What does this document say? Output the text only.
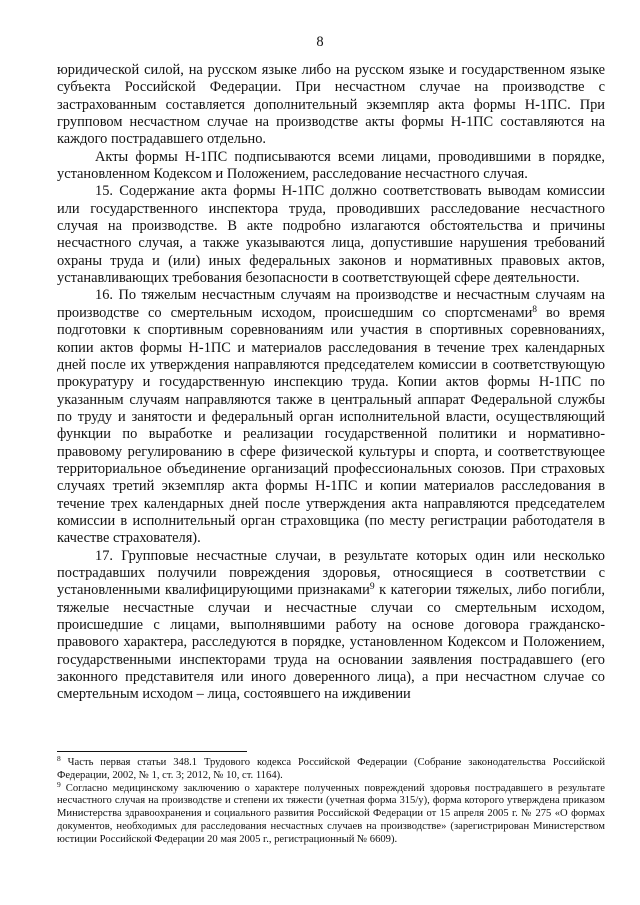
8

юридической силой, на русском языке либо на русском языке и государственном языке субъекта Российской Федерации. При несчастном случае на производстве с застрахованным составляется дополнительный экземпляр акта формы Н-1ПС. При групповом несчастном случае на производстве акты формы Н-1ПС составляются на каждого пострадавшего отдельно.

Акты формы Н-1ПС подписываются всеми лицами, проводившими в порядке, установленном Кодексом и Положением, расследование несчастного случая.

15. Содержание акта формы Н-1ПС должно соответствовать выводам комиссии или государственного инспектора труда, проводивших расследование несчастного случая на производстве. В акте подробно излагаются обстоятельства и причины несчастного случая, а также указываются лица, допустившие нарушения требований охраны труда и (или) иных федеральных законов и нормативных правовых актов, устанавливающих требования безопасности в соответствующей сфере деятельности.

16. По тяжелым несчастным случаям на производстве и несчастным случаям на производстве со смертельным исходом, происшедшим со спортсменами$^8$ во время подготовки к спортивным соревнованиям или участия в спортивных соревнованиях, копии актов формы Н-1ПС и материалов расследования в течение трех календарных дней после их утверждения направляются председателем комиссии в соответствующую прокуратуру и государственную инспекцию труда. Копии актов формы Н-1ПС по указанным случаям направляются также в центральный аппарат Федеральной службы по труду и занятости и федеральный орган исполнительной власти, осуществляющий функции по выработке и реализации государственной политики и нормативно-правовому регулированию в сфере физической культуры и спорта, и соответствующее территориальное объединение организаций профессиональных союзов. При страховых случаях третий экземпляр акта формы Н-1ПС и копии материалов расследования в течение трех календарных дней после утверждения акта направляются председателем комиссии в исполнительный орган страховщика (по месту регистрации работодателя в качестве страхователя).

17. Групповые несчастные случаи, в результате которых один или несколько пострадавших получили повреждения здоровья, относящиеся в соответствии с установленными квалифицирующими признаками$^9$ к категории тяжелых, либо погибли, тяжелые несчастные случаи и несчастные случаи со смертельным исходом, происшедшие с лицами, выполнявшими работу на основе договора гражданско-правового характера, расследуются в порядке, установленном Кодексом и Положением, государственными инспекторами труда на основании заявления пострадавшего (его законного представителя или иного доверенного лица), а при несчастном случае со смертельным исходом – лица, состоявшего на иждивении

$^8$ Часть первая статьи 348.1 Трудового кодекса Российской Федерации (Собрание законодательства Российской Федерации, 2002, № 1, ст. 3; 2012, № 10, ст. 1164).

$^9$ Согласно медицинскому заключению о характере полученных повреждений здоровья пострадавшего в результате несчастного случая на производстве и степени их тяжести (учетная форма 315/у), форма которого утверждена приказом Министерства здравоохранения и социального развития Российской Федерации от 15 апреля 2005 г. № 275 «О формах документов, необходимых для расследования несчастных случаев на производстве» (зарегистрирован Министерством юстиции Российской Федерации 20 мая 2005 г., регистрационный № 6609).
